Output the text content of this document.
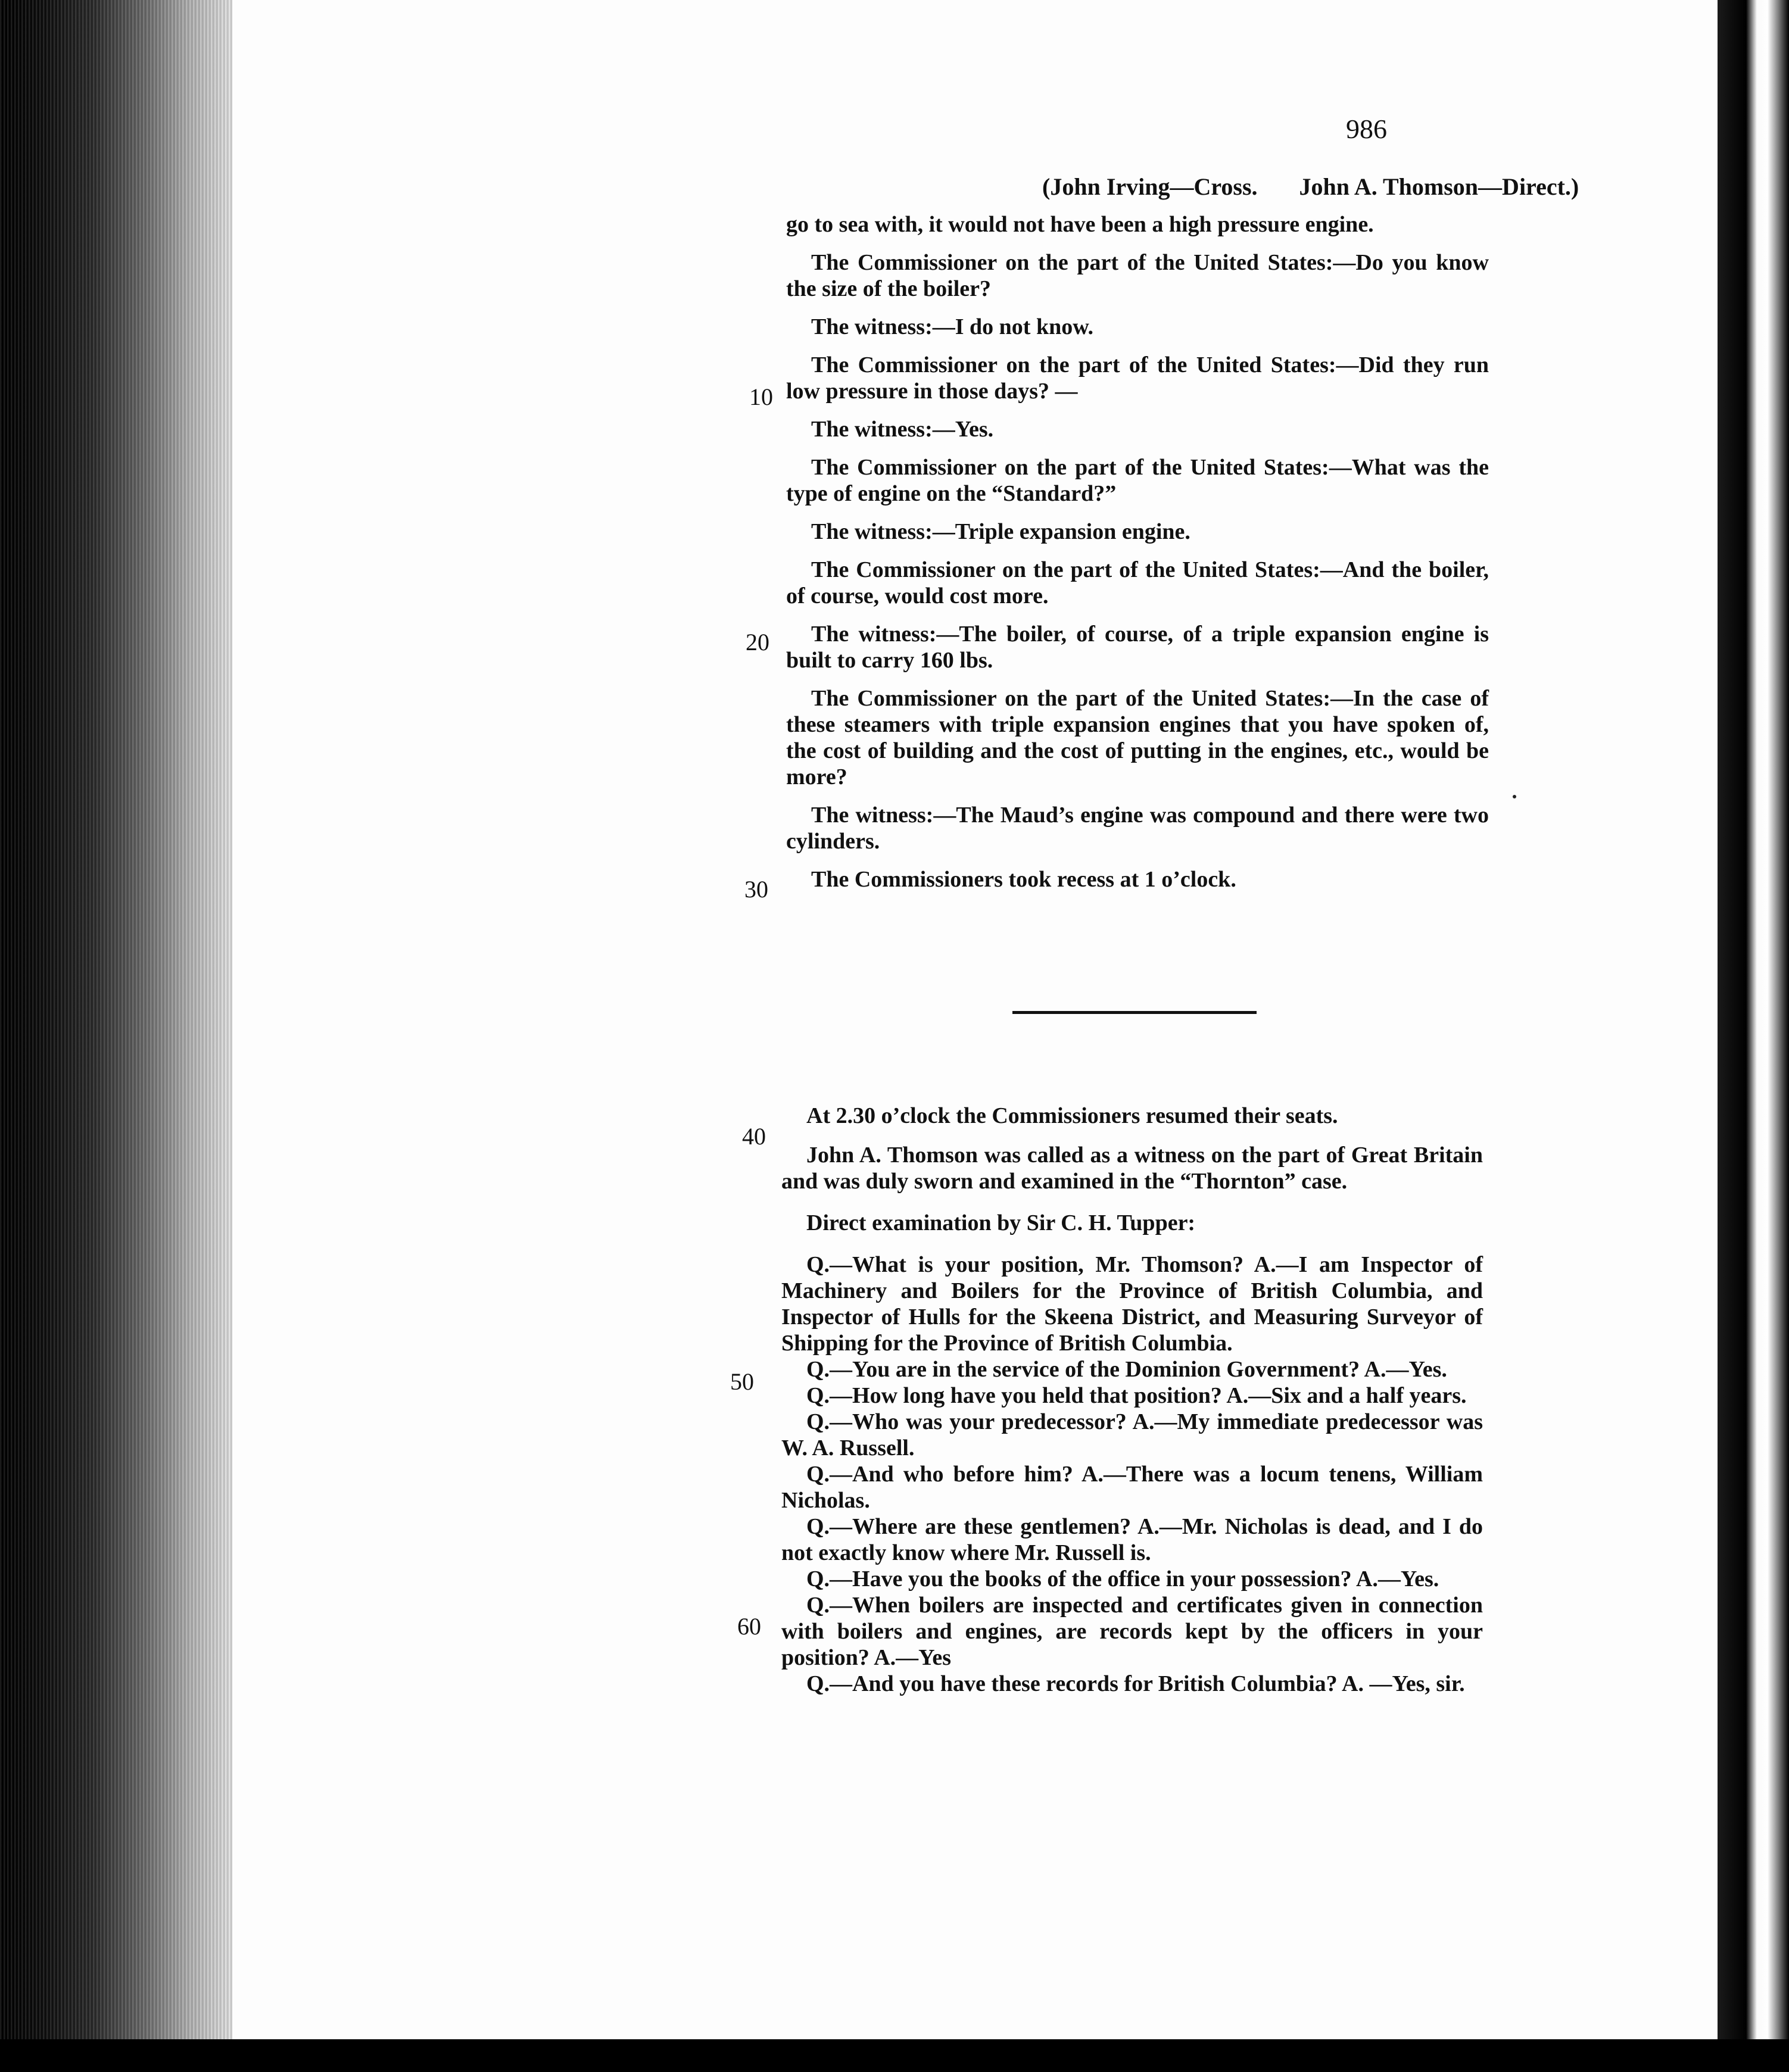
986
(John Irving—Cross. John A. Thomson—Direct.)
10
20
30
40
50
60

go to sea with, it would not have been a high pressure engine.

The Commissioner on the part of the United States:—Do you know the size of the boiler?

The witness:—I do not know.

The Commissioner on the part of the United States:—Did they run low pressure in those days? —

The witness:—Yes.

The Commissioner on the part of the United States:—What was the type of engine on the “Standard?”

The witness:—Triple expansion engine.

The Commissioner on the part of the United States:—And the boiler, of course, would cost more.

The witness:—The boiler, of course, of a triple expansion engine is built to carry 160 lbs.

The Commissioner on the part of the United States:—In the case of these steamers with triple expansion engines that you have spoken of, the cost of building and the cost of putting in the engines, etc., would be more?

The witness:—The Maud’s engine was compound and there were two cylinders.

The Commissioners took recess at 1 o’clock.

At 2.30 o’clock the Commissioners resumed their seats.

John A. Thomson was called as a witness on the part of Great Britain and was duly sworn and examined in the “Thornton” case.

Direct examination by Sir C. H. Tupper:

Q.—What is your position, Mr. Thomson? A.—I am Inspector of Machinery and Boilers for the Province of British Columbia, and Inspector of Hulls for the Skeena District, and Measuring Surveyor of Shipping for the Province of British Columbia.

Q.—You are in the service of the Dominion Government? A.—Yes.

Q.—How long have you held that position? A.—Six and a half years.

Q.—Who was your predecessor? A.—My immediate predecessor was W. A. Russell.

Q.—And who before him? A.—There was a locum tenens, William Nicholas.

Q.—Where are these gentlemen? A.—Mr. Nicholas is dead, and I do not exactly know where Mr. Russell is.

Q.—Have you the books of the office in your possession? A.—Yes.

Q.—When boilers are inspected and certificates given in connection with boilers and engines, are records kept by the officers in your position? A.—Yes

Q.—And you have these records for British Columbia? A. —Yes, sir.
